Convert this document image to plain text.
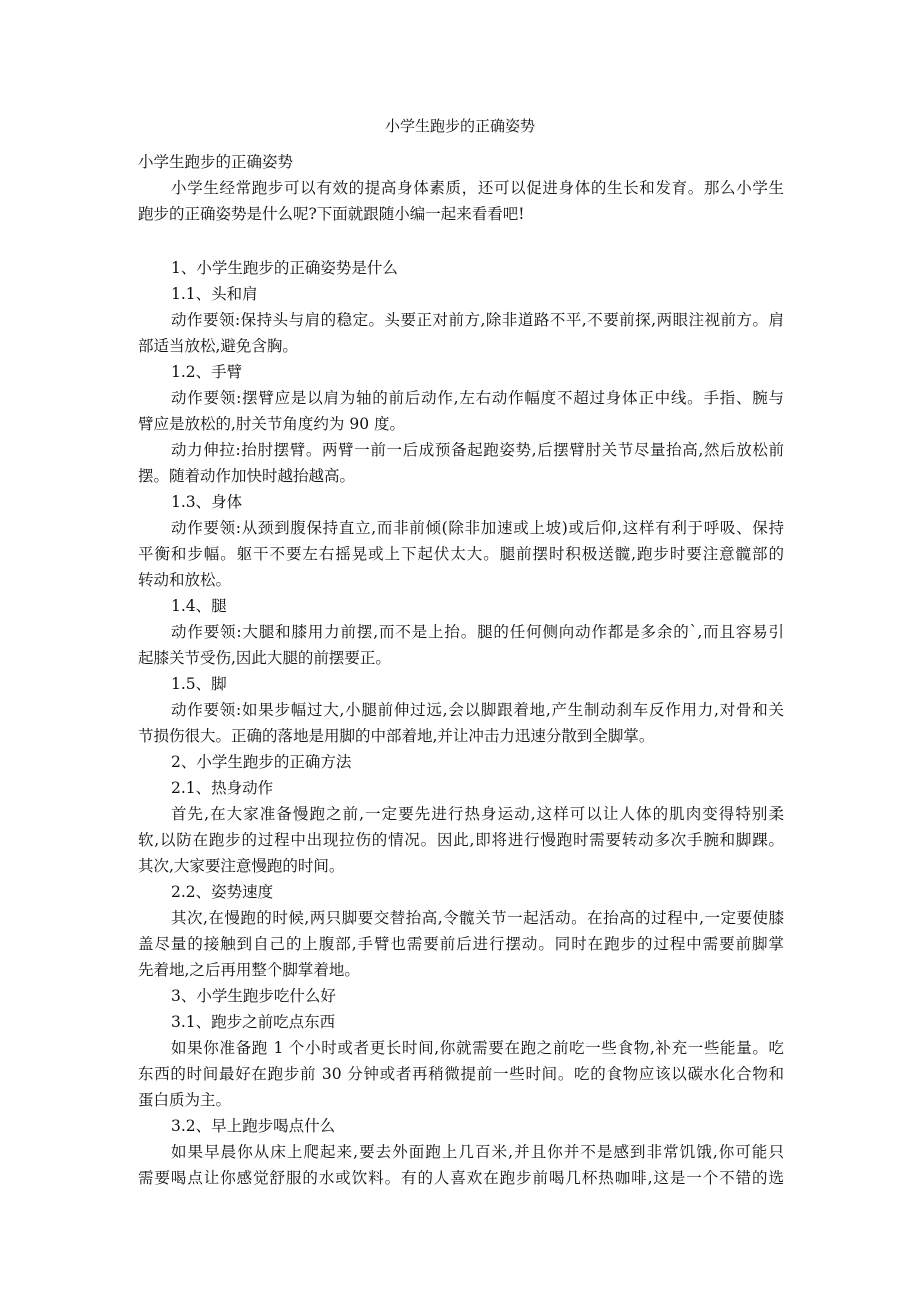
小学生跑步的正确姿势
小学生跑步的正确姿势
小学生经常跑步可以有效的提高身体素质，还可以促进身体的生长和发育。那么小学生
跑步的正确姿势是什么呢?下面就跟随小编一起来看看吧!
1、小学生跑步的正确姿势是什么
1.1、头和肩
动作要领:保持头与肩的稳定。头要正对前方,除非道路不平,不要前探,两眼注视前方。肩
部适当放松,避免含胸。
1.2、手臂
动作要领:摆臂应是以肩为轴的前后动作,左右动作幅度不超过身体正中线。手指、腕与
臂应是放松的,肘关节角度约为 90 度。
动力伸拉:抬肘摆臂。两臂一前一后成预备起跑姿势,后摆臂肘关节尽量抬高,然后放松前
摆。随着动作加快时越抬越高。
1.3、身体
动作要领:从颈到腹保持直立,而非前倾(除非加速或上坡)或后仰,这样有利于呼吸、保持
平衡和步幅。躯干不要左右摇晃或上下起伏太大。腿前摆时积极送髋,跑步时要注意髋部的
转动和放松。
1.4、腿
动作要领:大腿和膝用力前摆,而不是上抬。腿的任何侧向动作都是多余的`,而且容易引
起膝关节受伤,因此大腿的前摆要正。
1.5、脚
动作要领:如果步幅过大,小腿前伸过远,会以脚跟着地,产生制动刹车反作用力,对骨和关
节损伤很大。正确的落地是用脚的中部着地,并让冲击力迅速分散到全脚掌。
2、小学生跑步的正确方法
2.1、热身动作
首先,在大家准备慢跑之前,一定要先进行热身运动,这样可以让人体的肌肉变得特别柔
软,以防在跑步的过程中出现拉伤的情况。因此,即将进行慢跑时需要转动多次手腕和脚踝。
其次,大家要注意慢跑的时间。
2.2、姿势速度
其次,在慢跑的时候,两只脚要交替抬高,令髋关节一起活动。在抬高的过程中,一定要使膝
盖尽量的接触到自己的上腹部,手臂也需要前后进行摆动。同时在跑步的过程中需要前脚掌
先着地,之后再用整个脚掌着地。
3、小学生跑步吃什么好
3.1、跑步之前吃点东西
如果你准备跑 1 个小时或者更长时间,你就需要在跑之前吃一些食物,补充一些能量。吃
东西的时间最好在跑步前 30 分钟或者再稍微提前一些时间。吃的食物应该以碳水化合物和
蛋白质为主。
3.2、早上跑步喝点什么
如果早晨你从床上爬起来,要去外面跑上几百米,并且你并不是感到非常饥饿,你可能只
需要喝点让你感觉舒服的水或饮料。有的人喜欢在跑步前喝几杯热咖啡,这是一个不错的选
